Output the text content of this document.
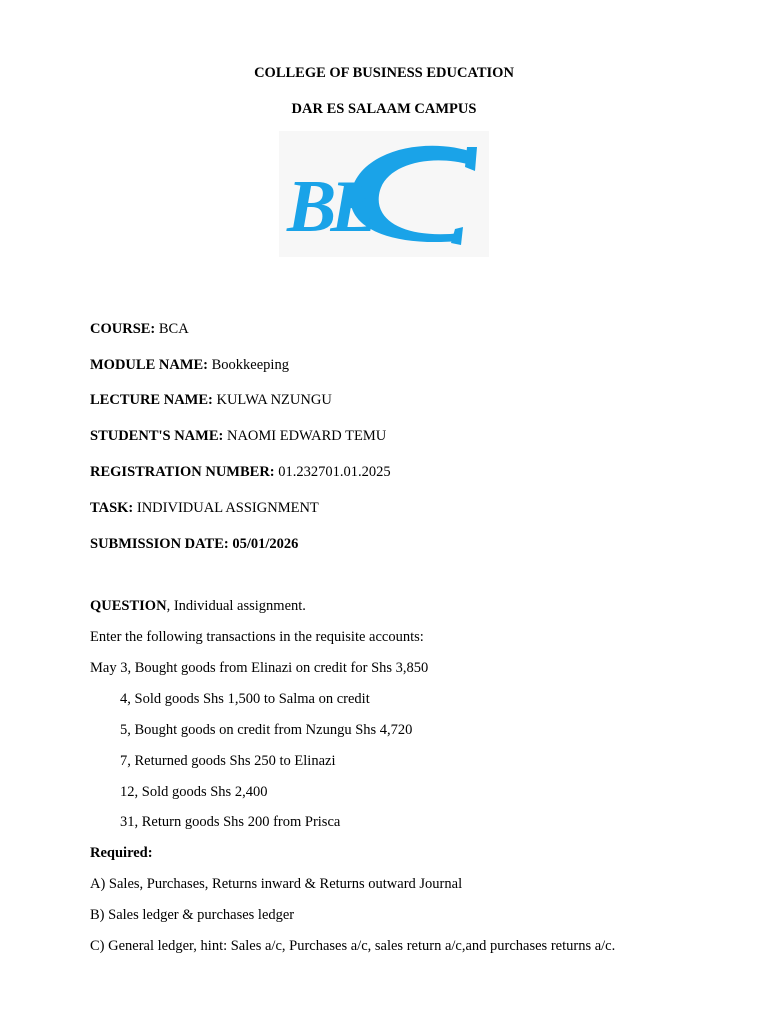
COLLEGE OF BUSINESS EDUCATION
DAR ES SALAAM CAMPUS
BE
COURSE: BCA
MODULE NAME: Bookkeeping
LECTURE NAME: KULWA NZUNGU
STUDENT'S NAME: NAOMI EDWARD TEMU
REGISTRATION NUMBER: 01.232701.01.2025
TASK: INDIVIDUAL ASSIGNMENT
SUBMISSION DATE: 05/01/2026
QUESTION, Individual assignment.
Enter the following transactions in the requisite accounts:
May 3, Bought goods from Elinazi on credit for Shs 3,850
4, Sold goods Shs 1,500 to Salma on credit
5, Bought goods on credit from Nzungu Shs 4,720
7, Returned goods Shs 250 to Elinazi
12, Sold goods Shs 2,400
31, Return goods Shs 200 from Prisca
Required:
A) Sales, Purchases, Returns inward & Returns outward Journal
B) Sales ledger & purchases ledger
C) General ledger, hint: Sales a/c, Purchases a/c, sales return a/c,and purchases returns a/c.
